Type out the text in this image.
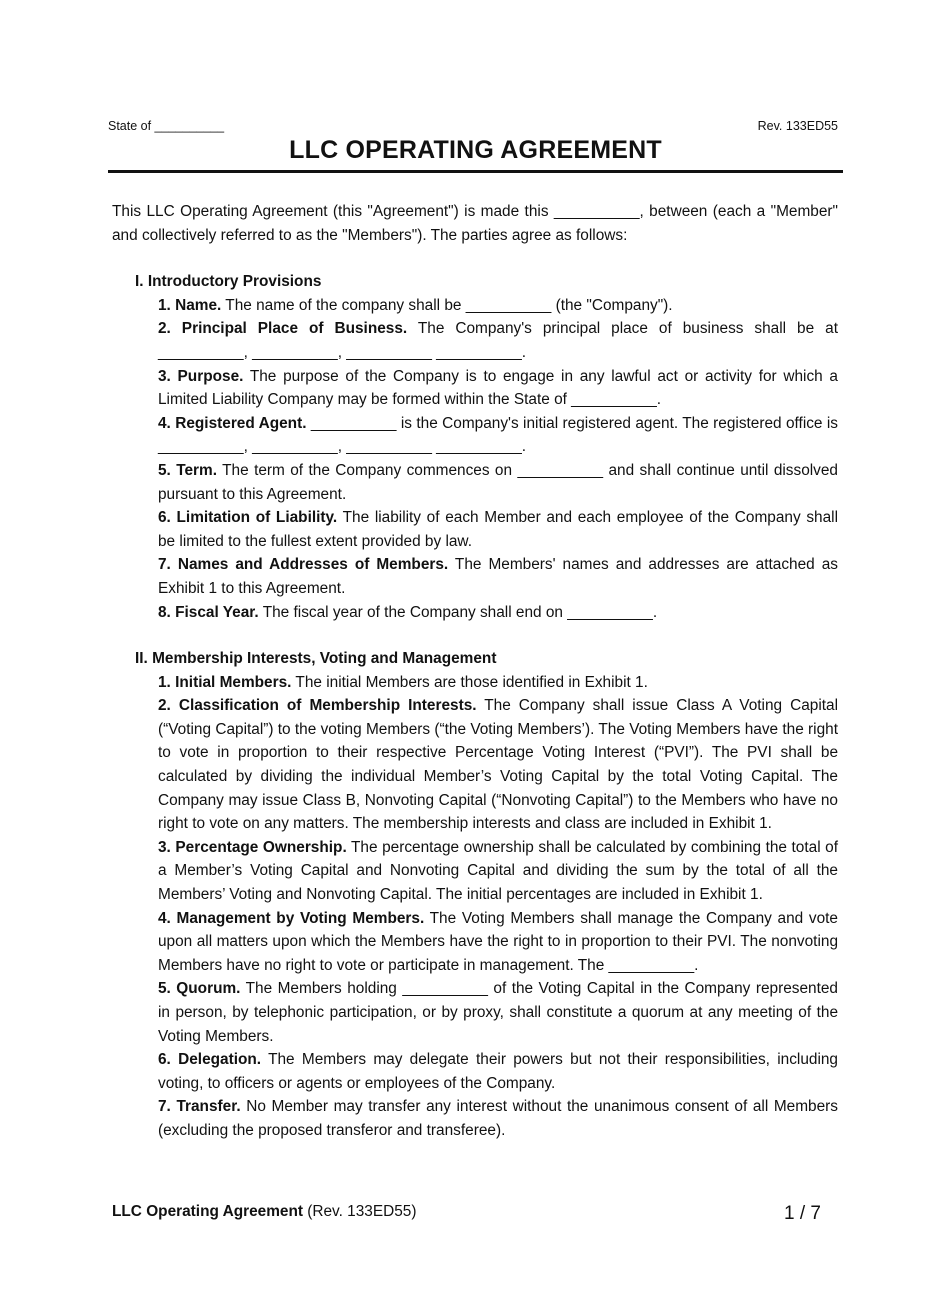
State of __________	Rev. 133ED55
LLC OPERATING AGREEMENT

This LLC Operating Agreement (this "Agreement") is made this __________, between (each a "Member" and collectively referred to as the "Members"). The parties agree as follows:

I. Introductory Provisions

1. Name. The name of the company shall be __________ (the "Company").

2. Principal Place of Business. The Company's principal place of business shall be at __________, __________, __________ __________.

3. Purpose. The purpose of the Company is to engage in any lawful act or activity for which a Limited Liability Company may be formed within the State of __________.

4. Registered Agent. __________ is the Company's initial registered agent. The registered office is __________, __________, __________ __________.

5. Term. The term of the Company commences on __________ and shall continue until dissolved pursuant to this Agreement.

6. Limitation of Liability. The liability of each Member and each employee of the Company shall be limited to the fullest extent provided by law.

7. Names and Addresses of Members. The Members' names and addresses are attached as Exhibit 1 to this Agreement.

8. Fiscal Year. The fiscal year of the Company shall end on __________.

II. Membership Interests, Voting and Management

1. Initial Members. The initial Members are those identified in Exhibit 1.

2. Classification of Membership Interests. The Company shall issue Class A Voting Capital (“Voting Capital”) to the voting Members (“the Voting Members’). The Voting Members have the right to vote in proportion to their respective Percentage Voting Interest (“PVI”). The PVI shall be calculated by dividing the individual Member’s Voting Capital by the total Voting Capital. The Company may issue Class B, Nonvoting Capital (“Nonvoting Capital”) to the Members who have no right to vote on any matters. The membership interests and class are included in Exhibit 1.

3. Percentage Ownership. The percentage ownership shall be calculated by combining the total of a Member’s Voting Capital and Nonvoting Capital and dividing the sum by the total of all the Members’ Voting and Nonvoting Capital. The initial percentages are included in Exhibit 1.

4. Management by Voting Members. The Voting Members shall manage the Company and vote upon all matters upon which the Members have the right to in proportion to their PVI. The nonvoting Members have no right to vote or participate in management. The __________.

5. Quorum. The Members holding __________ of the Voting Capital in the Company represented in person, by telephonic participation, or by proxy, shall constitute a quorum at any meeting of the Voting Members.

6. Delegation. The Members may delegate their powers but not their responsibilities, including voting, to officers or agents or employees of the Company.

7. Transfer. No Member may transfer any interest without the unanimous consent of all Members (excluding the proposed transferor and transferee).

LLC Operating Agreement (Rev. 133ED55)	1 / 7
